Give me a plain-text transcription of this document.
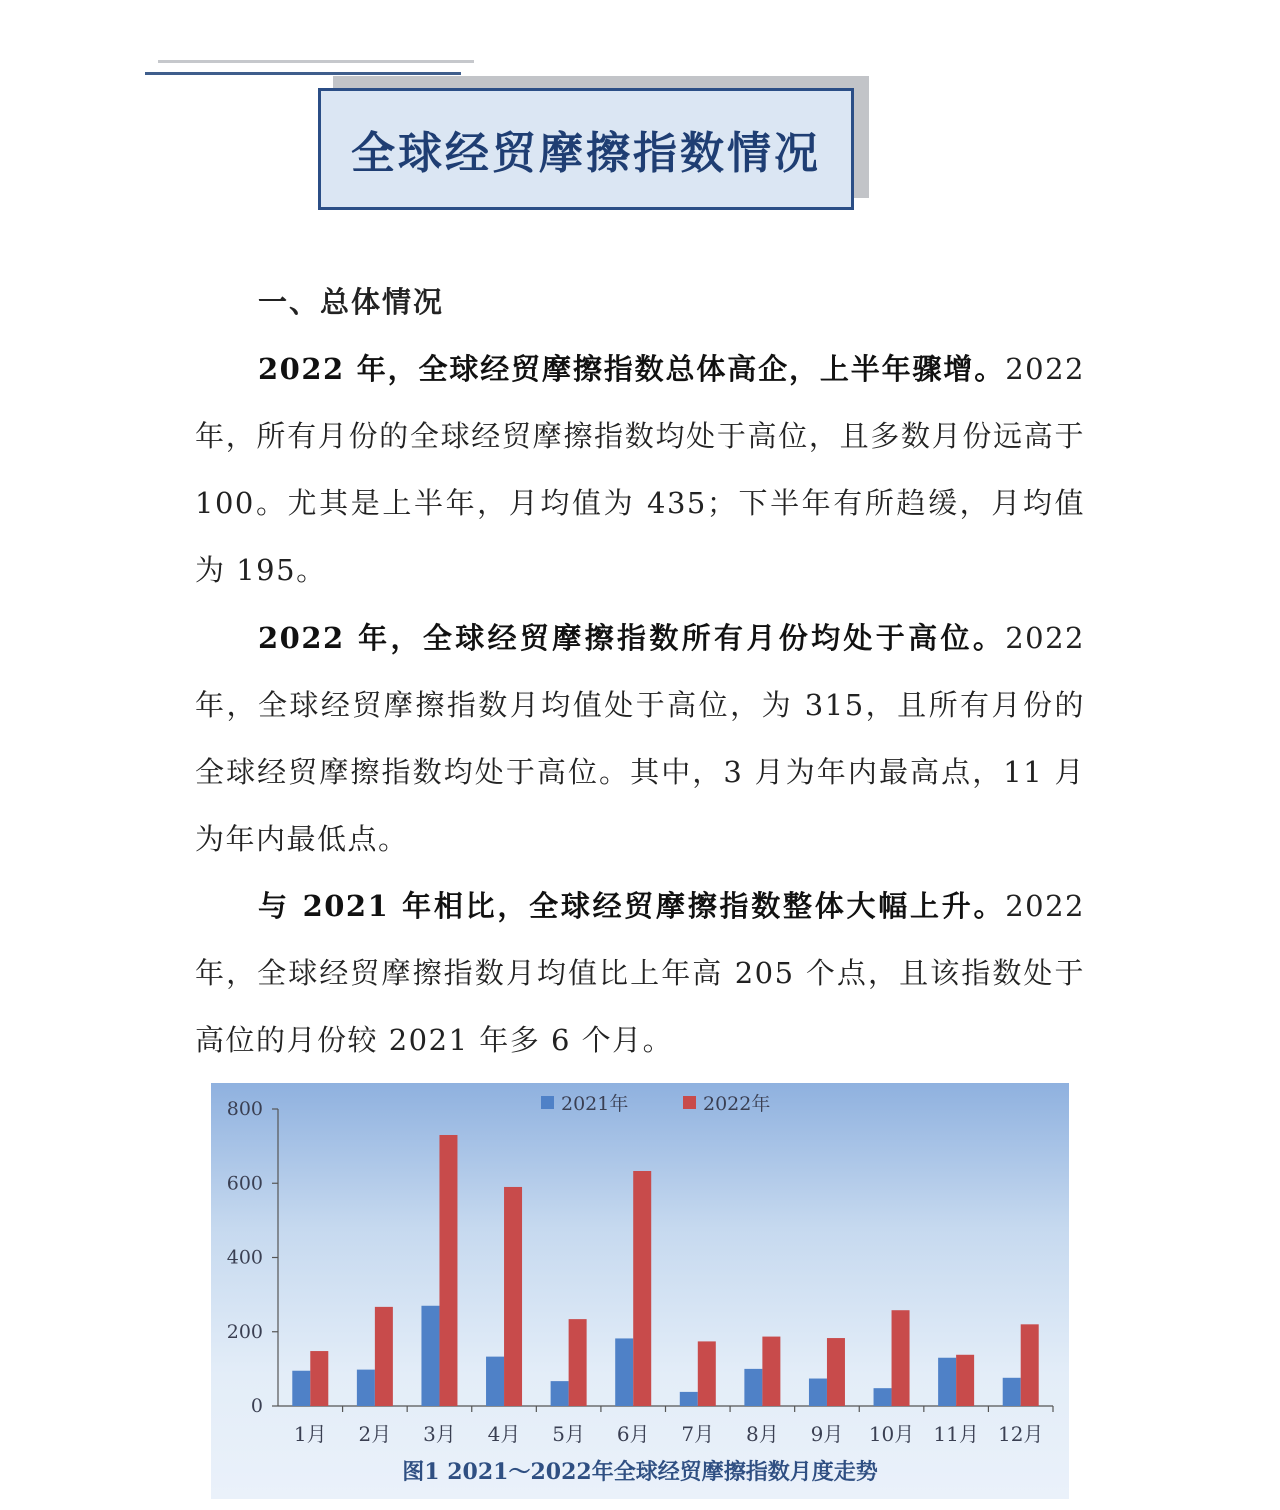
全球经贸摩擦指数情况
一、总体情况

2022 年，全球经贸摩擦指数总体高企，上半年骤增。2022 年，所有月份的全球经贸摩擦指数均处于高位，且多数月份远高于 100。尤其是上半年，月均值为 435；下半年有所趋缓，月均值为 195。

2022 年，全球经贸摩擦指数所有月份均处于高位。2022 年，全球经贸摩擦指数月均值处于高位，为 315，且所有月份的全球经贸摩擦指数均处于高位。其中，3 月为年内最高点，11 月为年内最低点。

与 2021 年相比，全球经贸摩擦指数整体大幅上升。2022 年，全球经贸摩擦指数月均值比上年高 205 个点，且该指数处于高位的月份较 2021 年多 6 个月。

0
200
400
600
800
1月 2月 3月 4月 5月 6月 7月 8月 9月 10月 11月 12月
2021年	2022年
图1 2021～2022年全球经贸摩擦指数月度走势
